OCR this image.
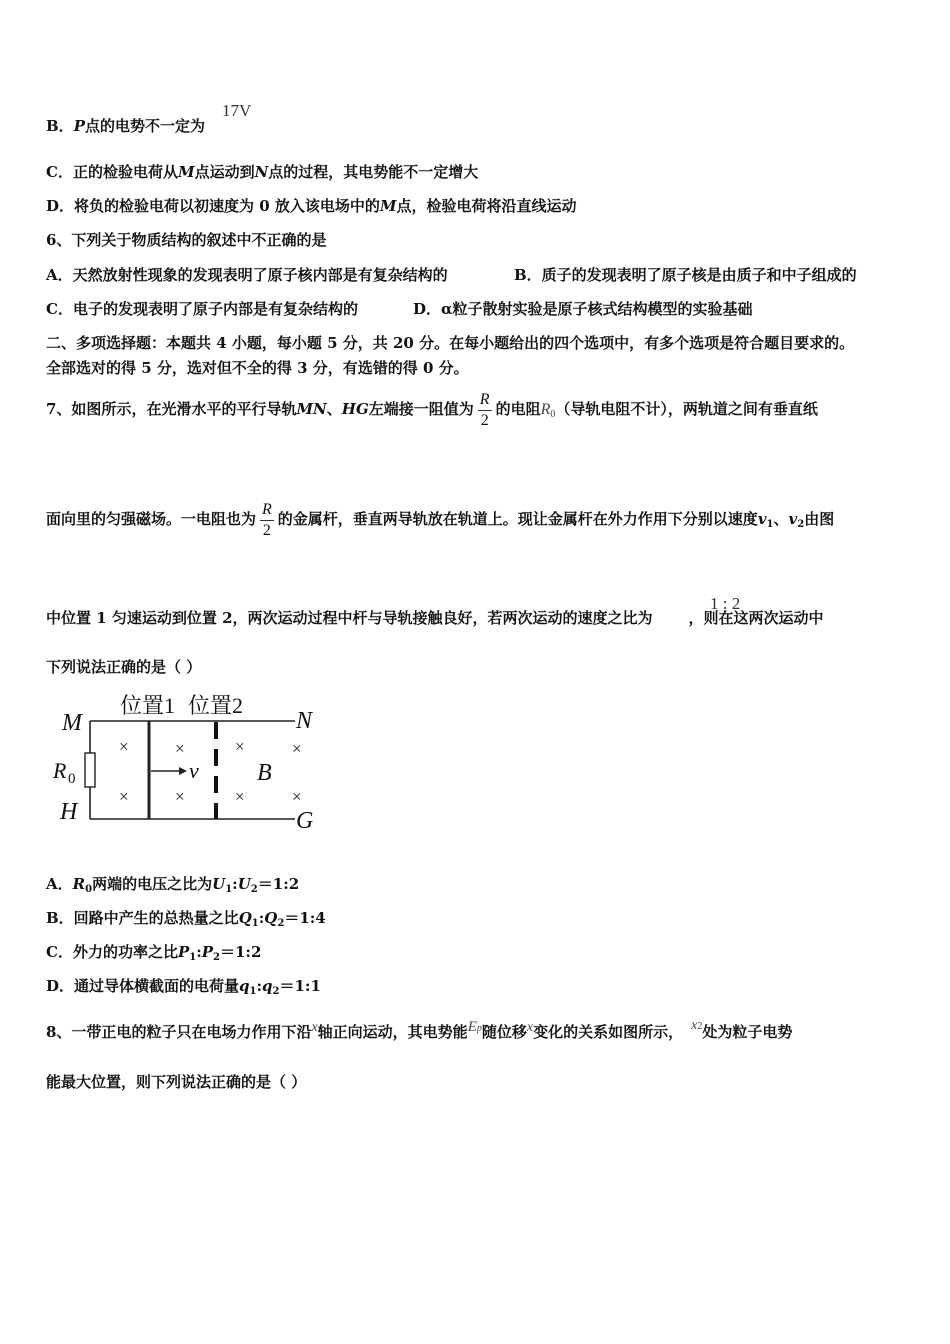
B．P点的电势不一定为
17V
C．正的检验电荷从M点运动到N点的过程，其电势能不一定增大
D．将负的检验电荷以初速度为 0 放入该电场中的M点，检验电荷将沿直线运动
6、下列关于物质结构的叙述中不正确的是
A．天然放射性现象的发现表明了原子核内部是有复杂结构的	B．质子的发现表明了原子核是由质子和中子组成的
C．电子的发现表明了原子内部是有复杂结构的	D．α粒子散射实验是原子核式结构模型的实验基础
二、多项选择题：本题共 4 小题，每小题 5 分，共 20 分。在每小题给出的四个选项中，有多个选项是符合题目要求的。
全部选对的得 5 分，选对但不全的得 3 分，有选错的得 0 分。
7、如图所示，在光滑水平的平行导轨MN、HG左端接一阻值为 $\frac{R}{2}$ 的电阻$R_0$（导轨电阻不计），两轨道之间有垂直纸
面向里的匀强磁场。一电阻也为 $\frac{R}{2}$ 的金属杆，垂直两导轨放在轨道上。现让金属杆在外力作用下分别以速度$v_1$、$v_2$由图
中位置 1 匀速运动到位置 2，两次运动过程中杆与导轨接触良好，若两次运动的速度之比为 ，则在这两次运动中
1 : 2
下列说法正确的是（ ）
M	N
H	G
R 0
位置1 位置2
v B
×
×
×
×
×
×
×
×
A．$R_0$两端的电压之比为$U_1:U_2=1:2$
B．回路中产生的总热量之比$Q_1:Q_2=1:4$
C．外力的功率之比$P_1:P_2=1:2$
D．通过导体横截面的电荷量$q_1:q_2=1:1$
8、一带正电的粒子只在电场力作用下沿x轴正向运动，其电势能Ep随位移x变化的关系如图所示， x2处为粒子电势
能最大位置，则下列说法正确的是（ ）
